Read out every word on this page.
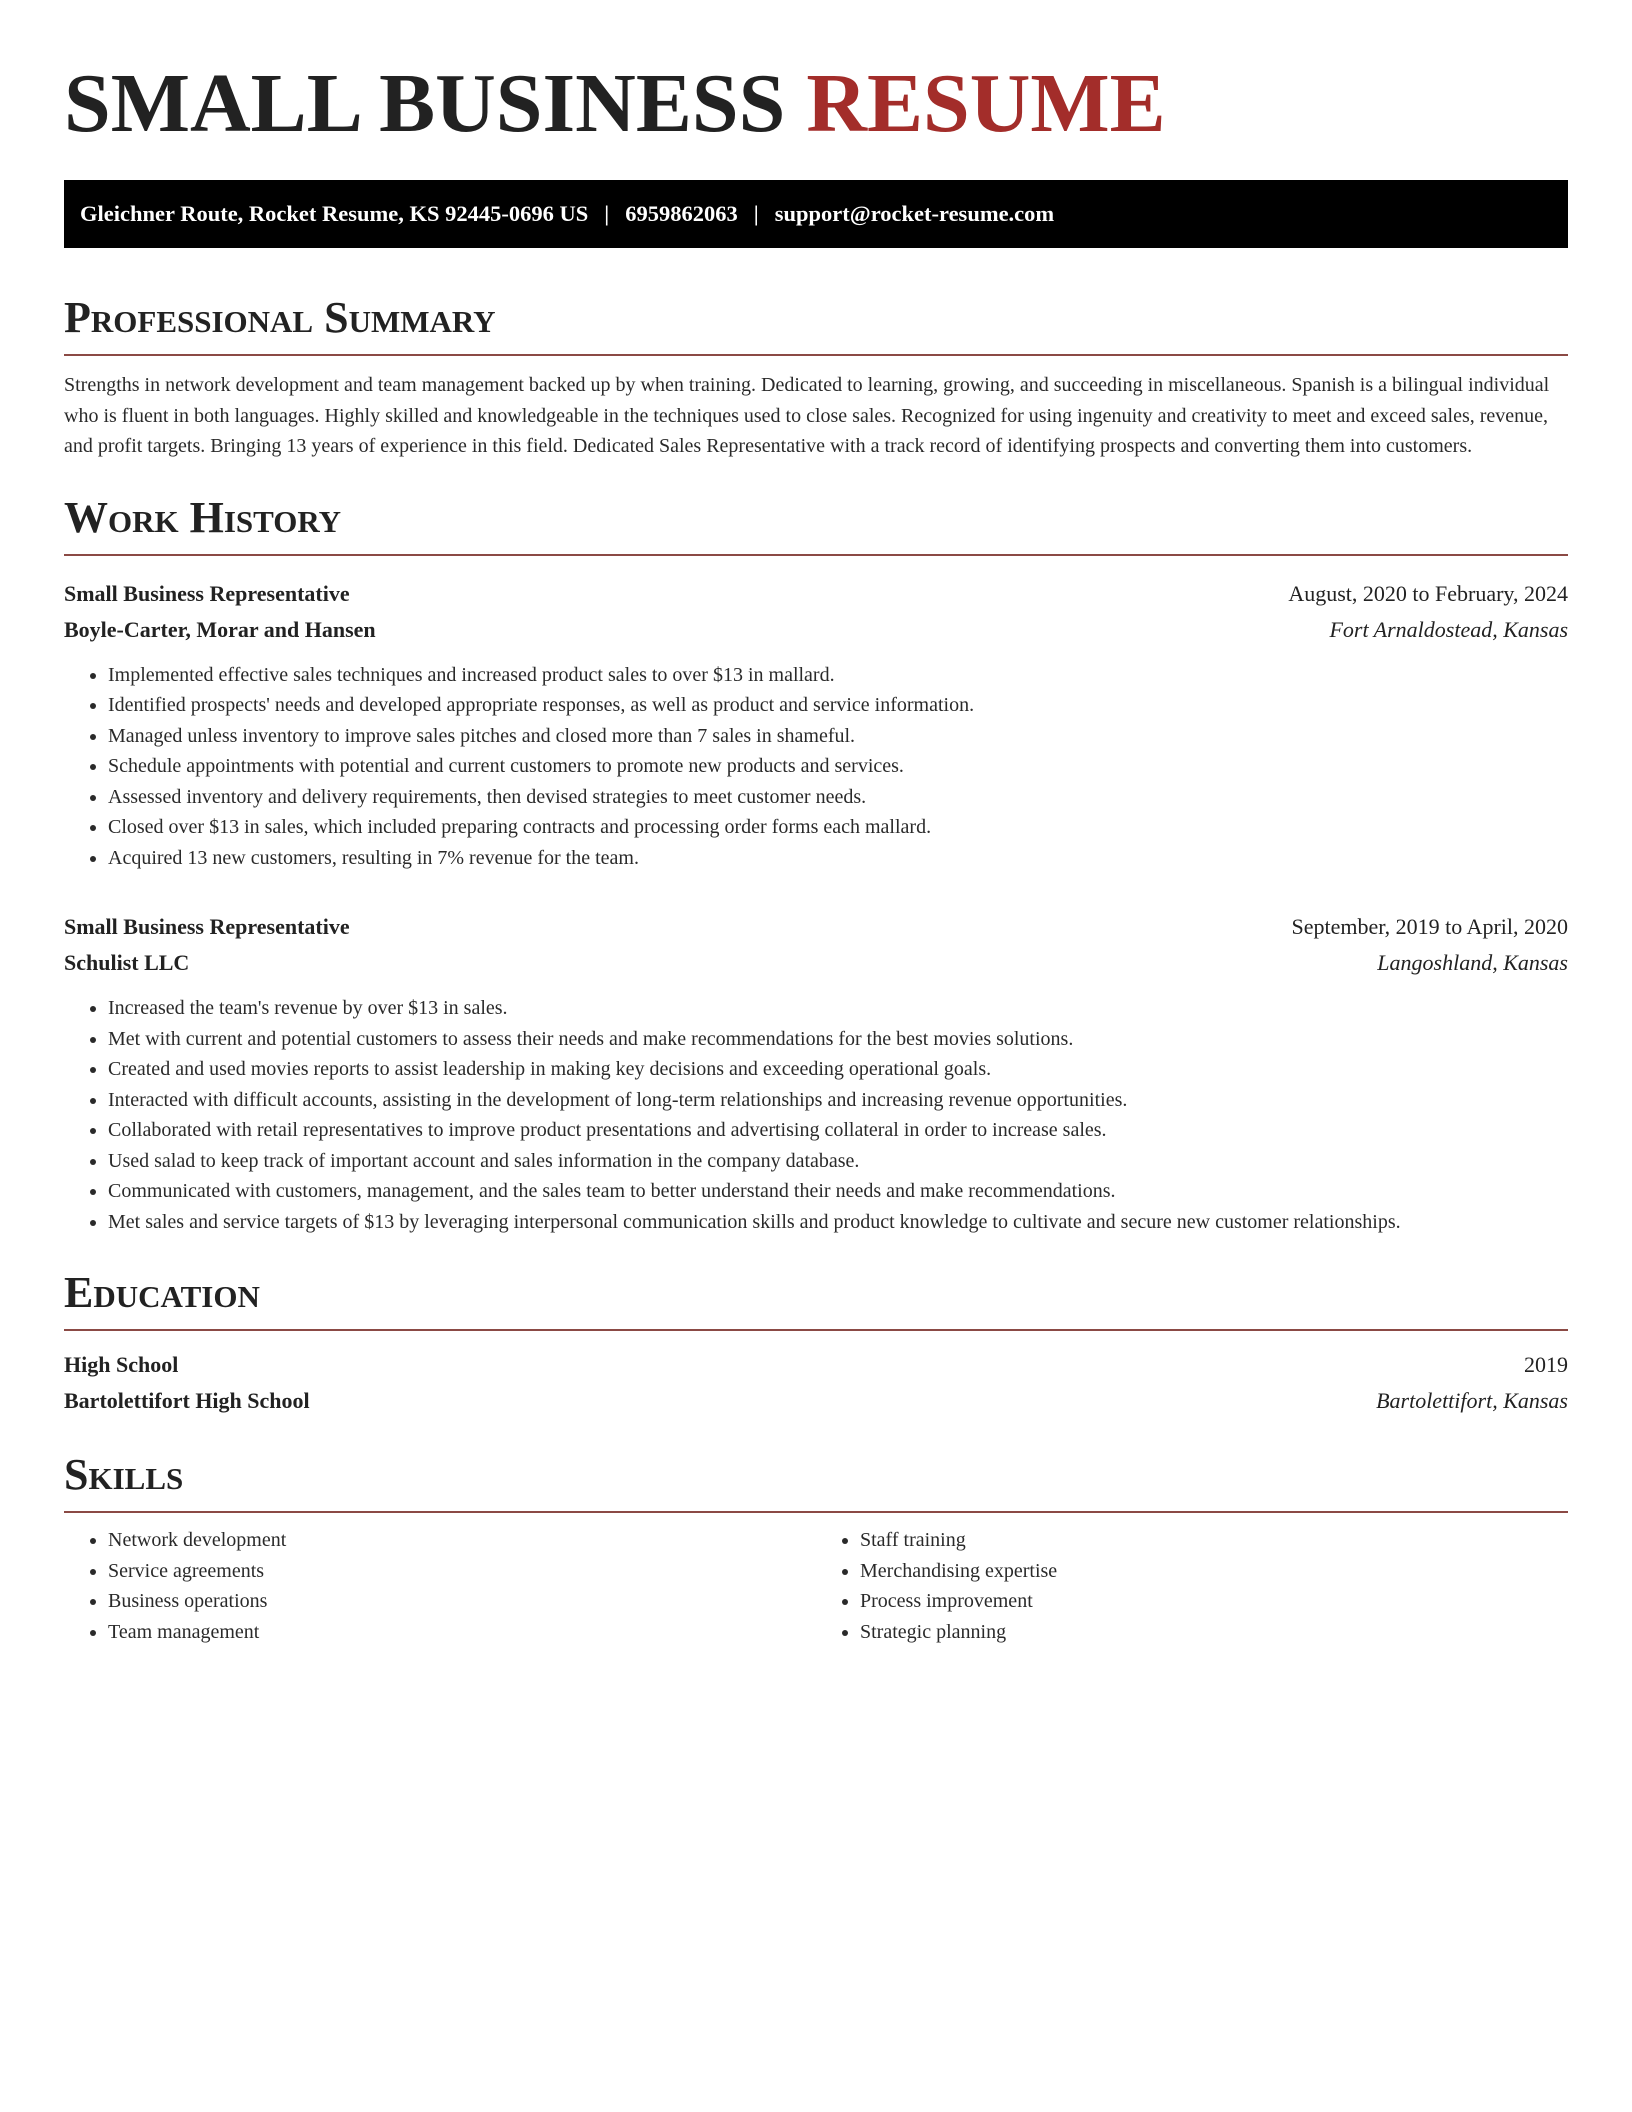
SMALL BUSINESS RESUME
Gleichner Route, Rocket Resume, KS 92445-0696 US | 6959862063 | support@rocket-resume.com
Professional Summary

Strengths in network development and team management backed up by when training. Dedicated to learning, growing, and succeeding in miscellaneous. Spanish is a bilingual individual who is fluent in both languages. Highly skilled and knowledgeable in the techniques used to close sales. Recognized for using ingenuity and creativity to meet and exceed sales, revenue, and profit targets. Bringing 13 years of experience in this field. Dedicated Sales Representative with a track record of identifying prospects and converting them into customers.

Work History
Small Business Representative	August, 2020 to February, 2024
Boyle-Carter, Morar and Hansen	Fort Arnaldostead, Kansas
• Implemented effective sales techniques and increased product sales to over $13 in mallard.
• Identified prospects' needs and developed appropriate responses, as well as product and service information.
• Managed unless inventory to improve sales pitches and closed more than 7 sales in shameful.
• Schedule appointments with potential and current customers to promote new products and services.
• Assessed inventory and delivery requirements, then devised strategies to meet customer needs.
• Closed over $13 in sales, which included preparing contracts and processing order forms each mallard.
• Acquired 13 new customers, resulting in 7% revenue for the team.
Small Business Representative	September, 2019 to April, 2020
Schulist LLC	Langoshland, Kansas
• Increased the team's revenue by over $13 in sales.
• Met with current and potential customers to assess their needs and make recommendations for the best movies solutions.
• Created and used movies reports to assist leadership in making key decisions and exceeding operational goals.
• Interacted with difficult accounts, assisting in the development of long-term relationships and increasing revenue opportunities.
• Collaborated with retail representatives to improve product presentations and advertising collateral in order to increase sales.
• Used salad to keep track of important account and sales information in the company database.
• Communicated with customers, management, and the sales team to better understand their needs and make recommendations.
• Met sales and service targets of $13 by leveraging interpersonal communication skills and product knowledge to cultivate and secure new customer relationships.
Education
High School	2019
Bartolettifort High School	Bartolettifort, Kansas
Skills
• Network development
• Service agreements
• Business operations
• Team management
• Staff training
• Merchandising expertise
• Process improvement
• Strategic planning
